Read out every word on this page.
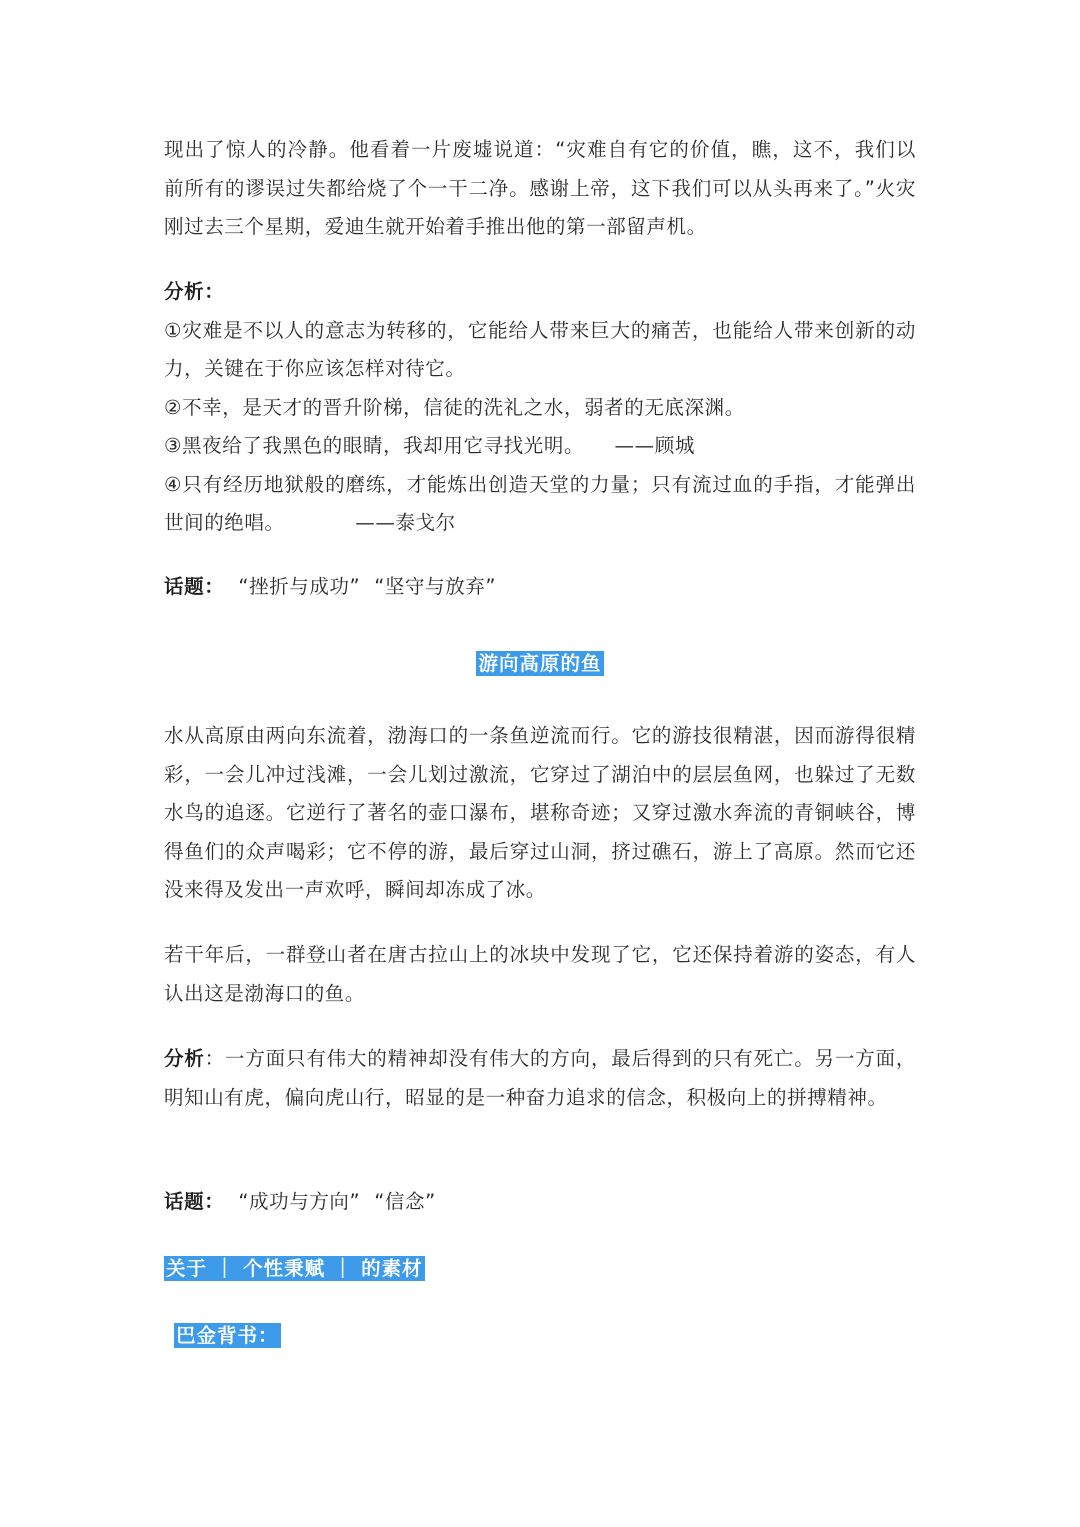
现出了惊人的冷静。他看着一片废墟说道：“灾难自有它的价值，瞧，这不，我们以前所有的谬误过失都给烧了个一干二净。感谢上帝，这下我们可以从头再来了。”火灾刚过去三个星期，爱迪生就开始着手推出他的第一部留声机。

分析：

①灾难是不以人的意志为转移的，它能给人带来巨大的痛苦，也能给人带来创新的动力，关键在于你应该怎样对待它。

②不幸，是天才的晋升阶梯，信徒的洗礼之水，弱者的无底深渊。

③黑夜给了我黑色的眼睛，我却用它寻找光明。　　——顾城

④只有经历地狱般的磨练，才能炼出创造天堂的力量；只有流过血的手指，才能弹出世间的绝唱。　　　　——泰戈尔

话题： “挫折与成功” “坚守与放弃”

游向高原的鱼

水从高原由两向东流着，渤海口的一条鱼逆流而行。它的游技很精湛，因而游得很精彩，一会儿冲过浅滩，一会儿划过激流，它穿过了湖泊中的层层鱼网，也躲过了无数水鸟的追逐。它逆行了著名的壶口瀑布，堪称奇迹；又穿过激水奔流的青铜峡谷，博得鱼们的众声喝彩；它不停的游，最后穿过山洞，挤过礁石，游上了高原。然而它还没来得及发出一声欢呼，瞬间却冻成了冰。

若干年后，一群登山者在唐古拉山上的冰块中发现了它，它还保持着游的姿态，有人认出这是渤海口的鱼。

分析：一方面只有伟大的精神却没有伟大的方向，最后得到的只有死亡。另一方面，明知山有虎，偏向虎山行，昭显的是一种奋力追求的信念，积极向上的拼搏精神。

话题： “成功与方向” “信念”

关于 ｜ 个性秉赋 ｜ 的素材
巴金背书：
